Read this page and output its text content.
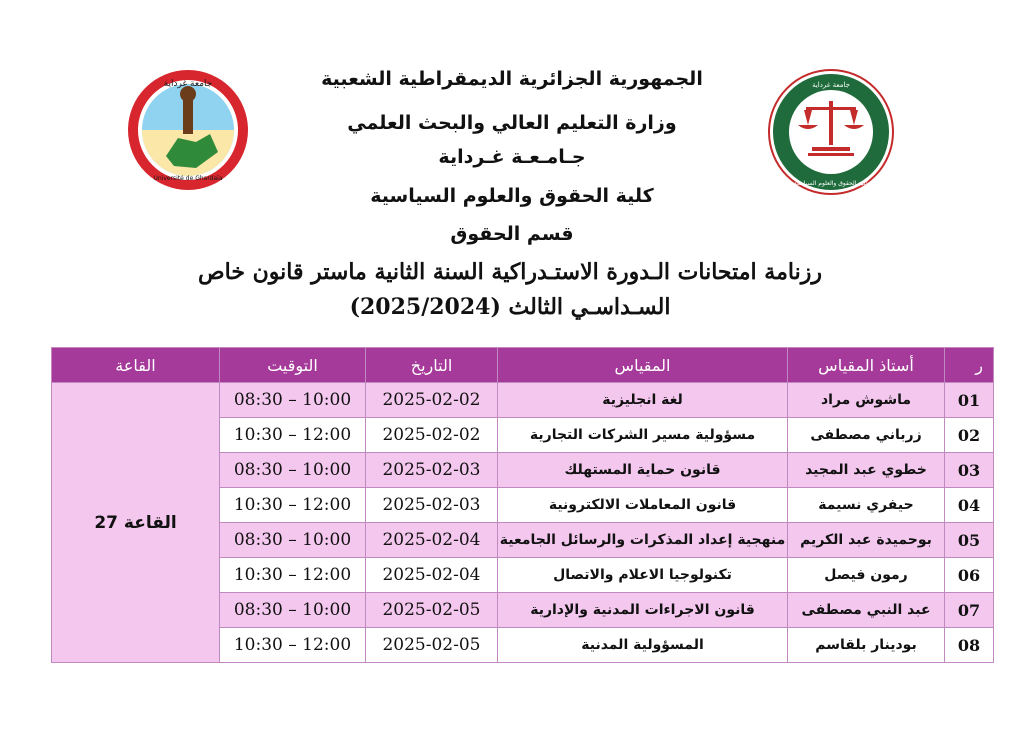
جامعة غرداية
Université de Ghardaïa
جامعة غرداية
كلية الحقوق والعلوم السياسية
الجمهورية الجزائرية الديمقراطية الشعبية
وزارة التعليم العالي والبحث العلمي
جـامـعـة غـرداية
كلية الحقوق والعلوم السياسية
قسم الحقوق
رزنامة امتحانات الـدورة الاستـدراكية السنة الثانية ماستر قانون خاص
السـداسـي الثالث (2025/2024)
القاعة	التوقيت	التاريخ	المقياس	أستاذ المقياس	ر
القاعة 27	08:30 – 10:00	2025-02-02	لغة انجليزية	ماشوش مراد	01
	10:30 – 12:00	2025-02-02	مسؤولية مسير الشركات التجارية	زرباني مصطفى	02
	08:30 – 10:00	2025-02-03	قانون حماية المستهلك	خطوي عبد المجيد	03
	10:30 – 12:00	2025-02-03	قانون المعاملات الالكترونية	حيفري نسيمة	04
	08:30 – 10:00	2025-02-04	منهجية إعداد المذكرات والرسائل الجامعية	بوحميدة عبد الكريم	05
	10:30 – 12:00	2025-02-04	تكنولوجيا الاعلام والاتصال	رمون فيصل	06
	08:30 – 10:00	2025-02-05	قانون الاجراءات المدنية والإدارية	عبد النبي مصطفى	07
	10:30 – 12:00	2025-02-05	المسؤولية المدنية	بودينار بلقاسم	08
